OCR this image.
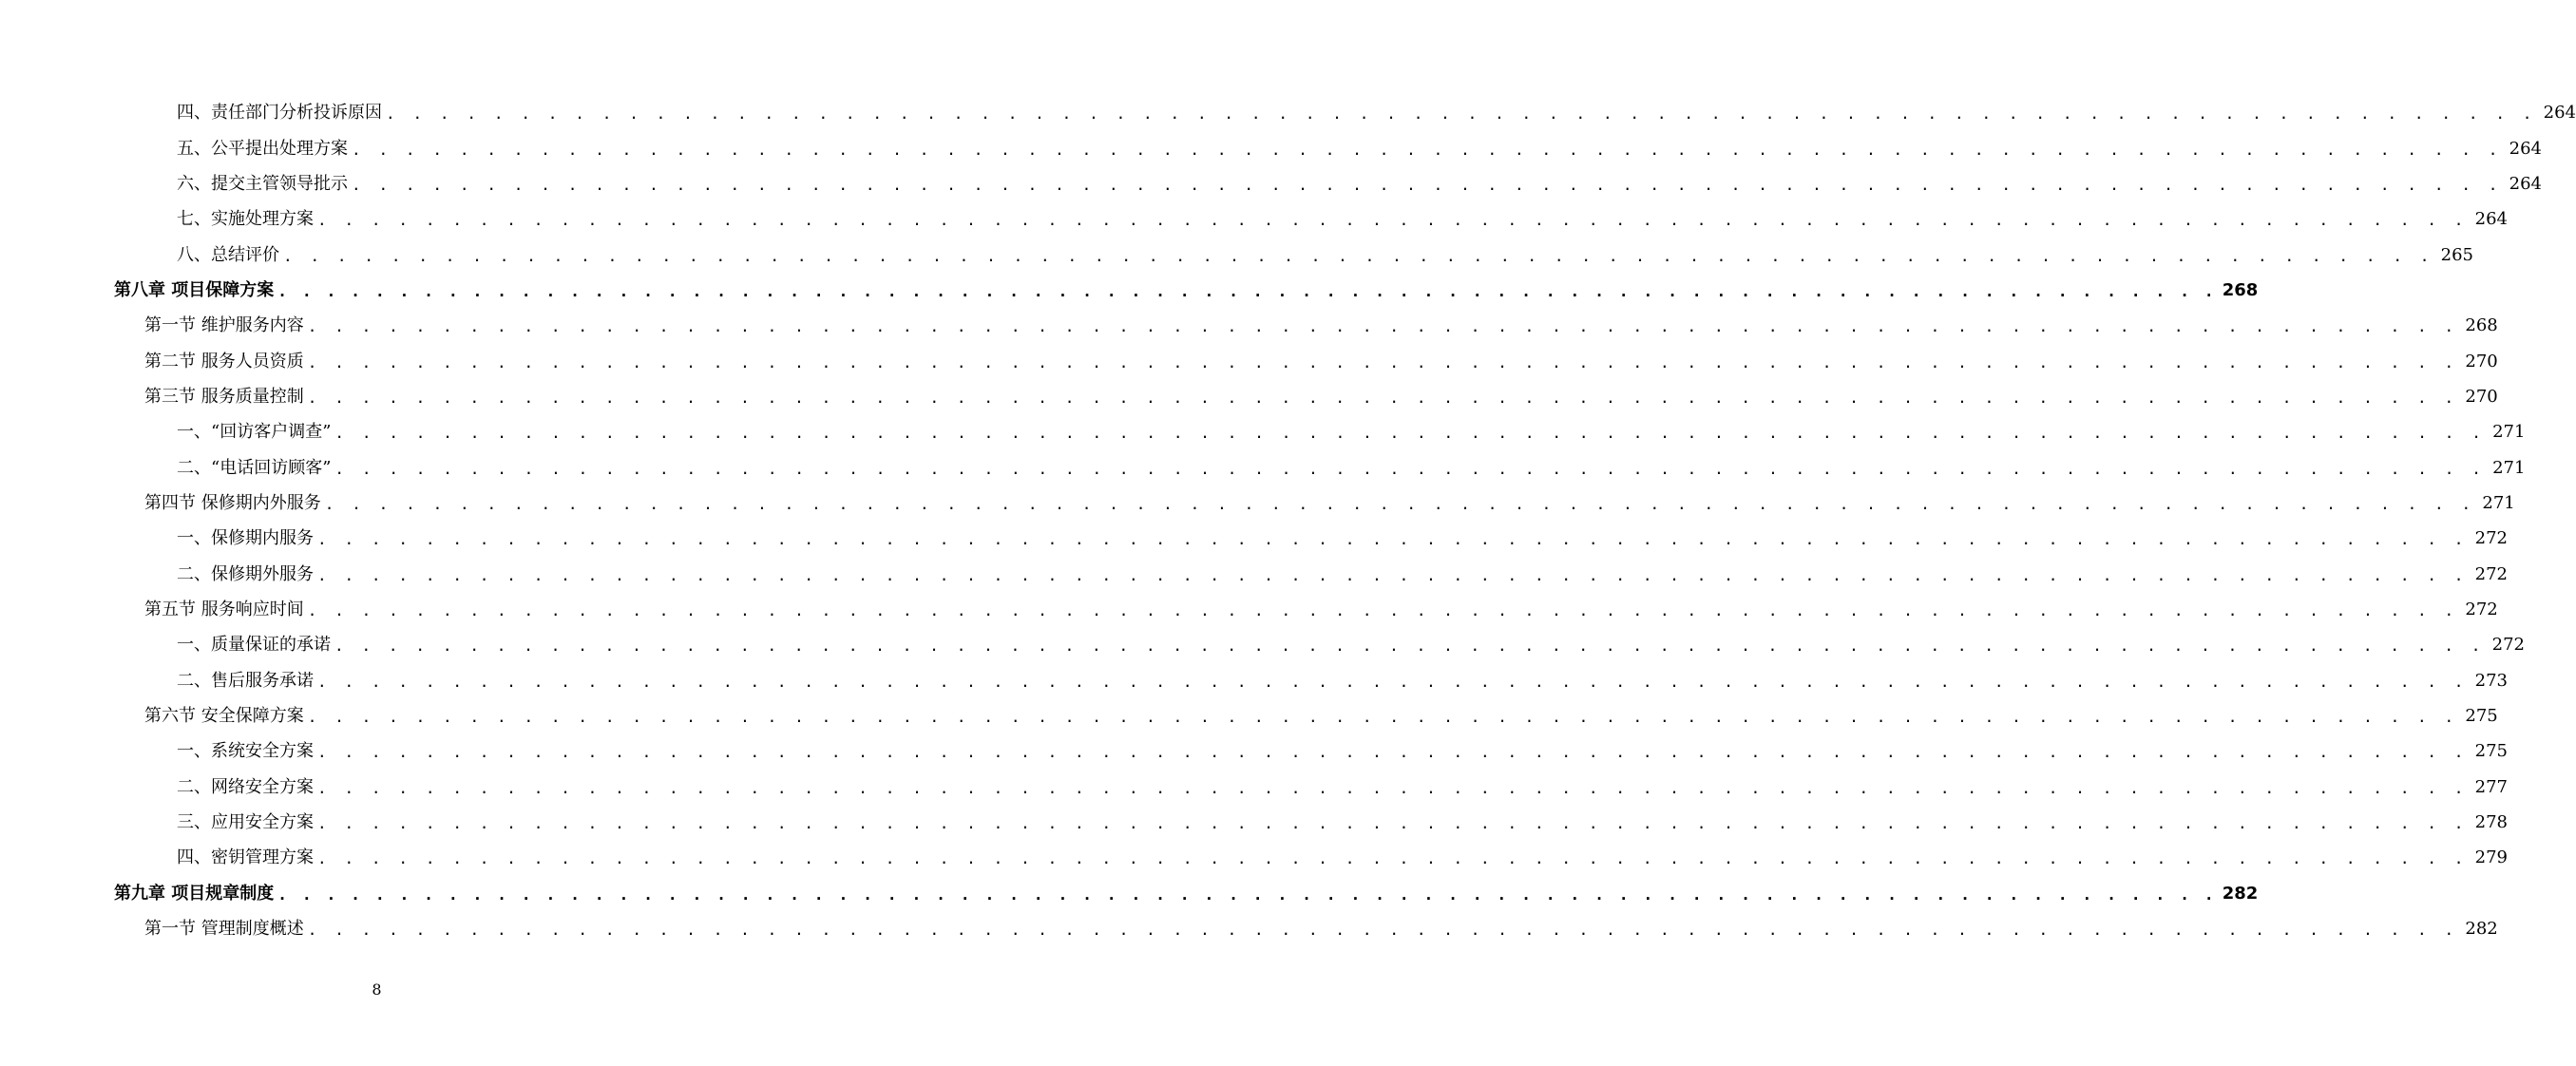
四、责任部门分析投诉原因 . . . . . . . . . . . . . . . . . . . . . . . . . . . . . . . . . . . . . . . . . . . . . . . . . . . . . . . . . . . . . . . . . . . . . . . . . . . . . . . . 264
五、公平提出处理方案 . . . . . . . . . . . . . . . . . . . . . . . . . . . . . . . . . . . . . . . . . . . . . . . . . . . . . . . . . . . . . . . . . . . . . . . . . . . . . . . . 264
六、提交主管领导批示 . . . . . . . . . . . . . . . . . . . . . . . . . . . . . . . . . . . . . . . . . . . . . . . . . . . . . . . . . . . . . . . . . . . . . . . . . . . . . . . . 264
七、实施处理方案 . . . . . . . . . . . . . . . . . . . . . . . . . . . . . . . . . . . . . . . . . . . . . . . . . . . . . . . . . . . . . . . . . . . . . . . . . . . . . . . . 264
八、总结评价 . . . . . . . . . . . . . . . . . . . . . . . . . . . . . . . . . . . . . . . . . . . . . . . . . . . . . . . . . . . . . . . . . . . . . . . . . . . . . . . . 265
第八章 项目保障方案 . . . . . . . . . . . . . . . . . . . . . . . . . . . . . . . . . . . . . . . . . . . . . . . . . . . . . . . . . . . . . . . . . . . . . . . . . . . . . . . . 268
第一节 维护服务内容 . . . . . . . . . . . . . . . . . . . . . . . . . . . . . . . . . . . . . . . . . . . . . . . . . . . . . . . . . . . . . . . . . . . . . . . . . . . . . . . . 268
第二节 服务人员资质 . . . . . . . . . . . . . . . . . . . . . . . . . . . . . . . . . . . . . . . . . . . . . . . . . . . . . . . . . . . . . . . . . . . . . . . . . . . . . . . . 270
第三节 服务质量控制 . . . . . . . . . . . . . . . . . . . . . . . . . . . . . . . . . . . . . . . . . . . . . . . . . . . . . . . . . . . . . . . . . . . . . . . . . . . . . . . . 270
一、“回访客户调查” . . . . . . . . . . . . . . . . . . . . . . . . . . . . . . . . . . . . . . . . . . . . . . . . . . . . . . . . . . . . . . . . . . . . . . . . . . . . . . . . 271
二、“电话回访顾客” . . . . . . . . . . . . . . . . . . . . . . . . . . . . . . . . . . . . . . . . . . . . . . . . . . . . . . . . . . . . . . . . . . . . . . . . . . . . . . . . 271
第四节 保修期内外服务 . . . . . . . . . . . . . . . . . . . . . . . . . . . . . . . . . . . . . . . . . . . . . . . . . . . . . . . . . . . . . . . . . . . . . . . . . . . . . . . . 271
一、保修期内服务 . . . . . . . . . . . . . . . . . . . . . . . . . . . . . . . . . . . . . . . . . . . . . . . . . . . . . . . . . . . . . . . . . . . . . . . . . . . . . . . . 272
二、保修期外服务 . . . . . . . . . . . . . . . . . . . . . . . . . . . . . . . . . . . . . . . . . . . . . . . . . . . . . . . . . . . . . . . . . . . . . . . . . . . . . . . . 272
第五节 服务响应时间 . . . . . . . . . . . . . . . . . . . . . . . . . . . . . . . . . . . . . . . . . . . . . . . . . . . . . . . . . . . . . . . . . . . . . . . . . . . . . . . . 272
一、质量保证的承诺 . . . . . . . . . . . . . . . . . . . . . . . . . . . . . . . . . . . . . . . . . . . . . . . . . . . . . . . . . . . . . . . . . . . . . . . . . . . . . . . . 272
二、售后服务承诺 . . . . . . . . . . . . . . . . . . . . . . . . . . . . . . . . . . . . . . . . . . . . . . . . . . . . . . . . . . . . . . . . . . . . . . . . . . . . . . . . 273
第六节 安全保障方案 . . . . . . . . . . . . . . . . . . . . . . . . . . . . . . . . . . . . . . . . . . . . . . . . . . . . . . . . . . . . . . . . . . . . . . . . . . . . . . . . 275
一、系统安全方案 . . . . . . . . . . . . . . . . . . . . . . . . . . . . . . . . . . . . . . . . . . . . . . . . . . . . . . . . . . . . . . . . . . . . . . . . . . . . . . . . 275
二、网络安全方案 . . . . . . . . . . . . . . . . . . . . . . . . . . . . . . . . . . . . . . . . . . . . . . . . . . . . . . . . . . . . . . . . . . . . . . . . . . . . . . . . 277
三、应用安全方案 . . . . . . . . . . . . . . . . . . . . . . . . . . . . . . . . . . . . . . . . . . . . . . . . . . . . . . . . . . . . . . . . . . . . . . . . . . . . . . . . 278
四、密钥管理方案 . . . . . . . . . . . . . . . . . . . . . . . . . . . . . . . . . . . . . . . . . . . . . . . . . . . . . . . . . . . . . . . . . . . . . . . . . . . . . . . . 279
第九章 项目规章制度 . . . . . . . . . . . . . . . . . . . . . . . . . . . . . . . . . . . . . . . . . . . . . . . . . . . . . . . . . . . . . . . . . . . . . . . . . . . . . . . . 282
第一节 管理制度概述 . . . . . . . . . . . . . . . . . . . . . . . . . . . . . . . . . . . . . . . . . . . . . . . . . . . . . . . . . . . . . . . . . . . . . . . . . . . . . . . . 282
8
